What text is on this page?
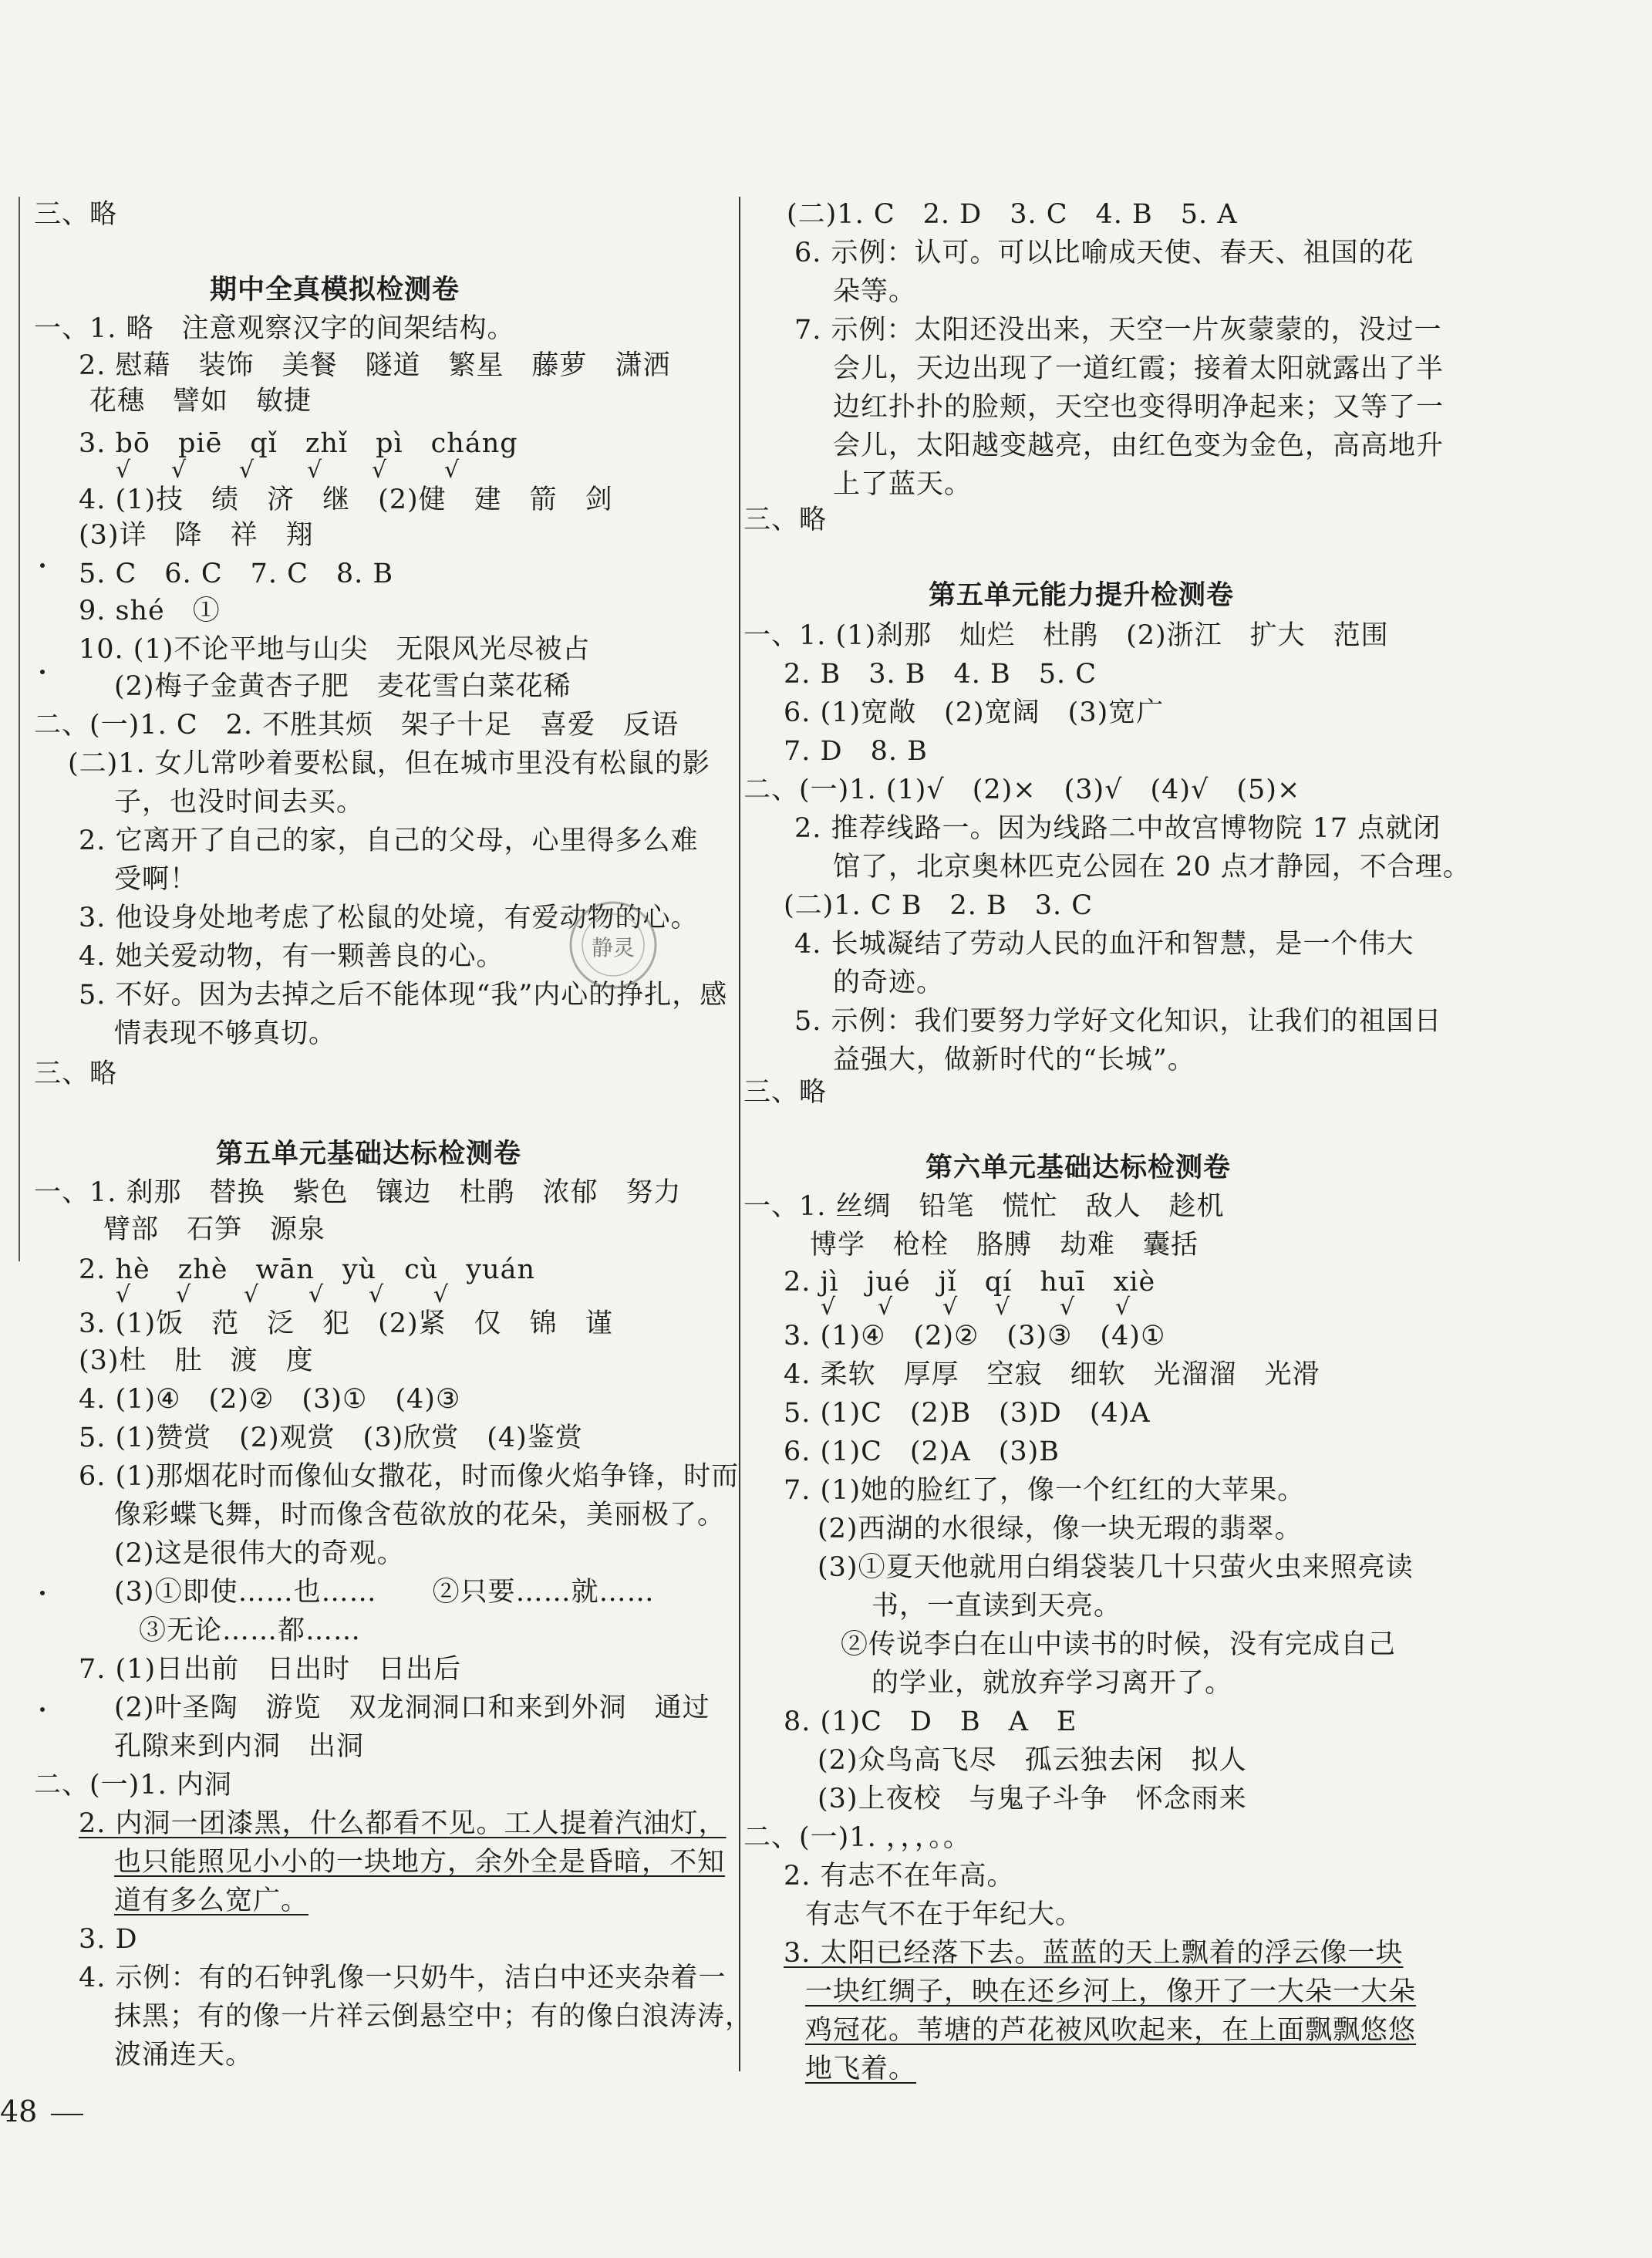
三、略
期中全真模拟检测卷
一、1. 略　注意观察汉字的间架结构。
2. 慰藉　装饰　美餐　隧道　繁星　藤萝　潇洒
花穗　譬如　敏捷
3. bō　piē　qǐ　zhǐ　pì　cháng
√ √ √ √ √ √
4. (1)技　绩　济　继　(2)健　建　箭　剑
(3)详　降　祥　翔
5. C　6. C　7. C　8. B
9. shé　①
10. (1)不论平地与山尖　无限风光尽被占
(2)梅子金黄杏子肥　麦花雪白菜花稀
二、(一)1. C　2. 不胜其烦　架子十足　喜爱　反语
(二)1. 女儿常吵着要松鼠，但在城市里没有松鼠的影
子，也没时间去买。
2. 它离开了自己的家，自己的父母，心里得多么难
受啊！
3. 他设身处地考虑了松鼠的处境，有爱动物的心。
4. 她关爱动物，有一颗善良的心。
5. 不好。因为去掉之后不能体现“我”内心的挣扎，感
情表现不够真切。
三、略
静灵
第五单元基础达标检测卷
一、1. 刹那　替换　紫色　镶边　杜鹃　浓郁　努力
臂部　石笋　源泉
2. hè　zhè　wān　yù　cù　yuán
√ √ √ √ √ √
3. (1)饭　范　泛　犯　(2)紧　仅　锦　谨
(3)杜　肚　渡　度
4. (1)④　(2)②　(3)①　(4)③
5. (1)赞赏　(2)观赏　(3)欣赏　(4)鉴赏
6. (1)那烟花时而像仙女撒花，时而像火焰争锋，时而
像彩蝶飞舞，时而像含苞欲放的花朵，美丽极了。
(2)这是很伟大的奇观。
(3)①即使……也……　　②只要……就……
③无论……都……
7. (1)日出前　日出时　日出后
(2)叶圣陶　游览　双龙洞洞口和来到外洞　通过
孔隙来到内洞　出洞
二、(一)1. 内洞
2. 内洞一团漆黑，什么都看不见。工人提着汽油灯，
也只能照见小小的一块地方，余外全是昏暗，不知
道有多么宽广。
3. D
4. 示例：有的石钟乳像一只奶牛，洁白中还夹杂着一
抹黑；有的像一片祥云倒悬空中；有的像白浪涛涛，
波涌连天。
(二)1. C　2. D　3. C　4. B　5. A
6. 示例：认可。可以比喻成天使、春天、祖国的花
朵等。
7. 示例：太阳还没出来，天空一片灰蒙蒙的，没过一
会儿，天边出现了一道红霞；接着太阳就露出了半
边红扑扑的脸颊，天空也变得明净起来；又等了一
会儿，太阳越变越亮，由红色变为金色，高高地升
上了蓝天。
三、略
第五单元能力提升检测卷
一、1. (1)刹那　灿烂　杜鹃　(2)浙江　扩大　范围
2. B　3. B　4. B　5. C
6. (1)宽敞　(2)宽阔　(3)宽广
7. D　8. B
二、(一)1. (1)√　(2)×　(3)√　(4)√　(5)×
2. 推荐线路一。因为线路二中故宫博物院 17 点就闭
馆了，北京奥林匹克公园在 20 点才静园，不合理。
(二)1. C B　2. B　3. C
4. 长城凝结了劳动人民的血汗和智慧，是一个伟大
的奇迹。
5. 示例：我们要努力学好文化知识，让我们的祖国日
益强大，做新时代的“长城”。
三、略
第六单元基础达标检测卷
一、1. 丝绸　铅笔　慌忙　敌人　趁机
博学　枪栓　胳膊　劫难　囊括
2. jì　jué　jǐ　qí　huī　xiè
√ √ √ √ √ √
3. (1)④　(2)②　(3)③　(4)①
4. 柔软　厚厚　空寂　细软　光溜溜　光滑
5. (1)C　(2)B　(3)D　(4)A
6. (1)C　(2)A　(3)B
7. (1)她的脸红了，像一个红红的大苹果。
(2)西湖的水很绿，像一块无瑕的翡翠。
(3)①夏天他就用白绢袋装几十只萤火虫来照亮读
书，一直读到天亮。
②传说李白在山中读书的时候，没有完成自己
的学业，就放弃学习离开了。
8. (1)C　D　B　A　E
(2)众鸟高飞尽　孤云独去闲　拟人
(3)上夜校　与鬼子斗争　怀念雨来
二、(一)1. ，，，。。
2. 有志不在年高。
有志气不在于年纪大。
3. 太阳已经落下去。蓝蓝的天上飘着的浮云像一块
一块红绸子，映在还乡河上，像开了一大朵一大朵
鸡冠花。苇塘的芦花被风吹起来，在上面飘飘悠悠
地飞着。
48
